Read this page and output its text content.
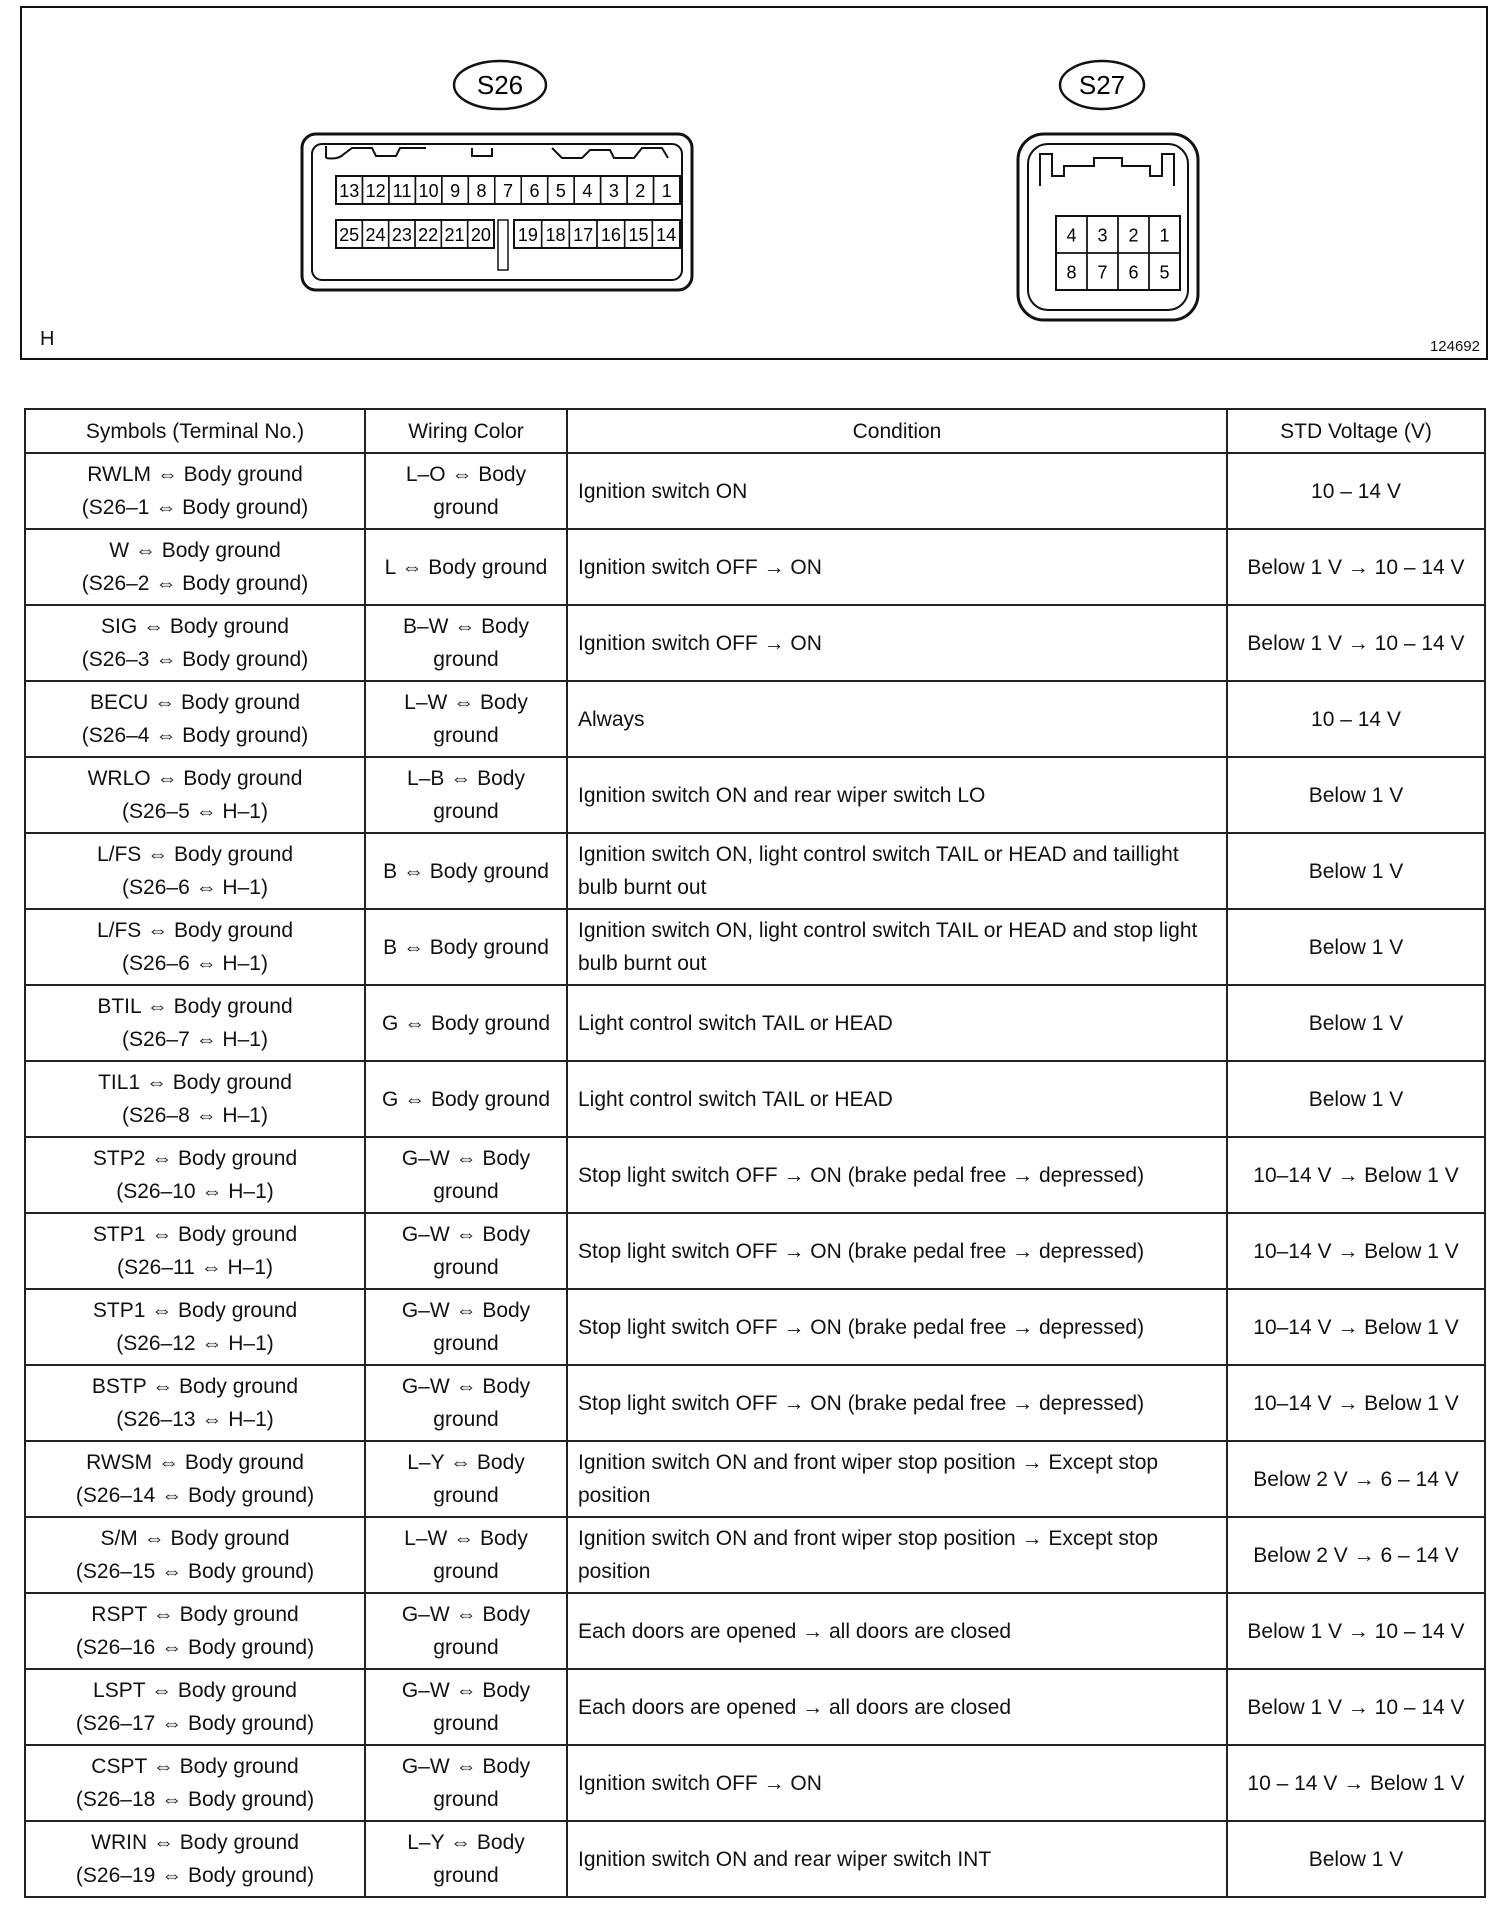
S26
13 12 11 10 9 8 7 6 5 4 3 2 1
25 24 23 22 21 20 19 18 17 16 15 14
S27
4 3 2 1
8 7 6 5
H	124692
Symbols (Terminal No.)	Wiring Color	Condition	STD Voltage (V)

RWLM ⇔ Body ground
(S26–1 ⇔ Body ground)	L–O ⇔ Body
ground	Ignition switch ON	10 – 14 V

W ⇔ Body ground
(S26–2 ⇔ Body ground)	L ⇔ Body ground	Ignition switch OFF → ON	Below 1 V → 10 – 14 V

SIG ⇔ Body ground
(S26–3 ⇔ Body ground)	B–W ⇔ Body
ground	Ignition switch OFF → ON	Below 1 V → 10 – 14 V

BECU ⇔ Body ground
(S26–4 ⇔ Body ground)	L–W ⇔ Body
ground	Always	10 – 14 V

WRLO ⇔ Body ground
(S26–5 ⇔ H–1)	L–B ⇔ Body
ground	Ignition switch ON and rear wiper switch LO	Below 1 V

L/FS ⇔ Body ground
(S26–6 ⇔ H–1)	B ⇔ Body ground	Ignition switch ON, light control switch TAIL or HEAD and taillight bulb burnt out	Below 1 V

L/FS ⇔ Body ground
(S26–6 ⇔ H–1)	B ⇔ Body ground	Ignition switch ON, light control switch TAIL or HEAD and stop light bulb burnt out	Below 1 V

BTIL ⇔ Body ground
(S26–7 ⇔ H–1)	G ⇔ Body ground	Light control switch TAIL or HEAD	Below 1 V

TIL1 ⇔ Body ground
(S26–8 ⇔ H–1)	G ⇔ Body ground	Light control switch TAIL or HEAD	Below 1 V

STP2 ⇔ Body ground
(S26–10 ⇔ H–1)	G–W ⇔ Body
ground	Stop light switch OFF → ON (brake pedal free → depressed)	10–14 V → Below 1 V

STP1 ⇔ Body ground
(S26–11 ⇔ H–1)	G–W ⇔ Body
ground	Stop light switch OFF → ON (brake pedal free → depressed)	10–14 V → Below 1 V

STP1 ⇔ Body ground
(S26–12 ⇔ H–1)	G–W ⇔ Body
ground	Stop light switch OFF → ON (brake pedal free → depressed)	10–14 V → Below 1 V

BSTP ⇔ Body ground
(S26–13 ⇔ H–1)	G–W ⇔ Body
ground	Stop light switch OFF → ON (brake pedal free → depressed)	10–14 V → Below 1 V

RWSM ⇔ Body ground
(S26–14 ⇔ Body ground)	L–Y ⇔ Body
ground	Ignition switch ON and front wiper stop position → Except stop position	Below 2 V → 6 – 14 V

S/M ⇔ Body ground
(S26–15 ⇔ Body ground)	L–W ⇔ Body
ground	Ignition switch ON and front wiper stop position → Except stop position	Below 2 V → 6 – 14 V

RSPT ⇔ Body ground
(S26–16 ⇔ Body ground)	G–W ⇔ Body
ground	Each doors are opened → all doors are closed	Below 1 V → 10 – 14 V

LSPT ⇔ Body ground
(S26–17 ⇔ Body ground)	G–W ⇔ Body
ground	Each doors are opened → all doors are closed	Below 1 V → 10 – 14 V

CSPT ⇔ Body ground
(S26–18 ⇔ Body ground)	G–W ⇔ Body
ground	Ignition switch OFF → ON	10 – 14 V → Below 1 V

WRIN ⇔ Body ground
(S26–19 ⇔ Body ground)	L–Y ⇔ Body
ground	Ignition switch ON and rear wiper switch INT	Below 1 V
